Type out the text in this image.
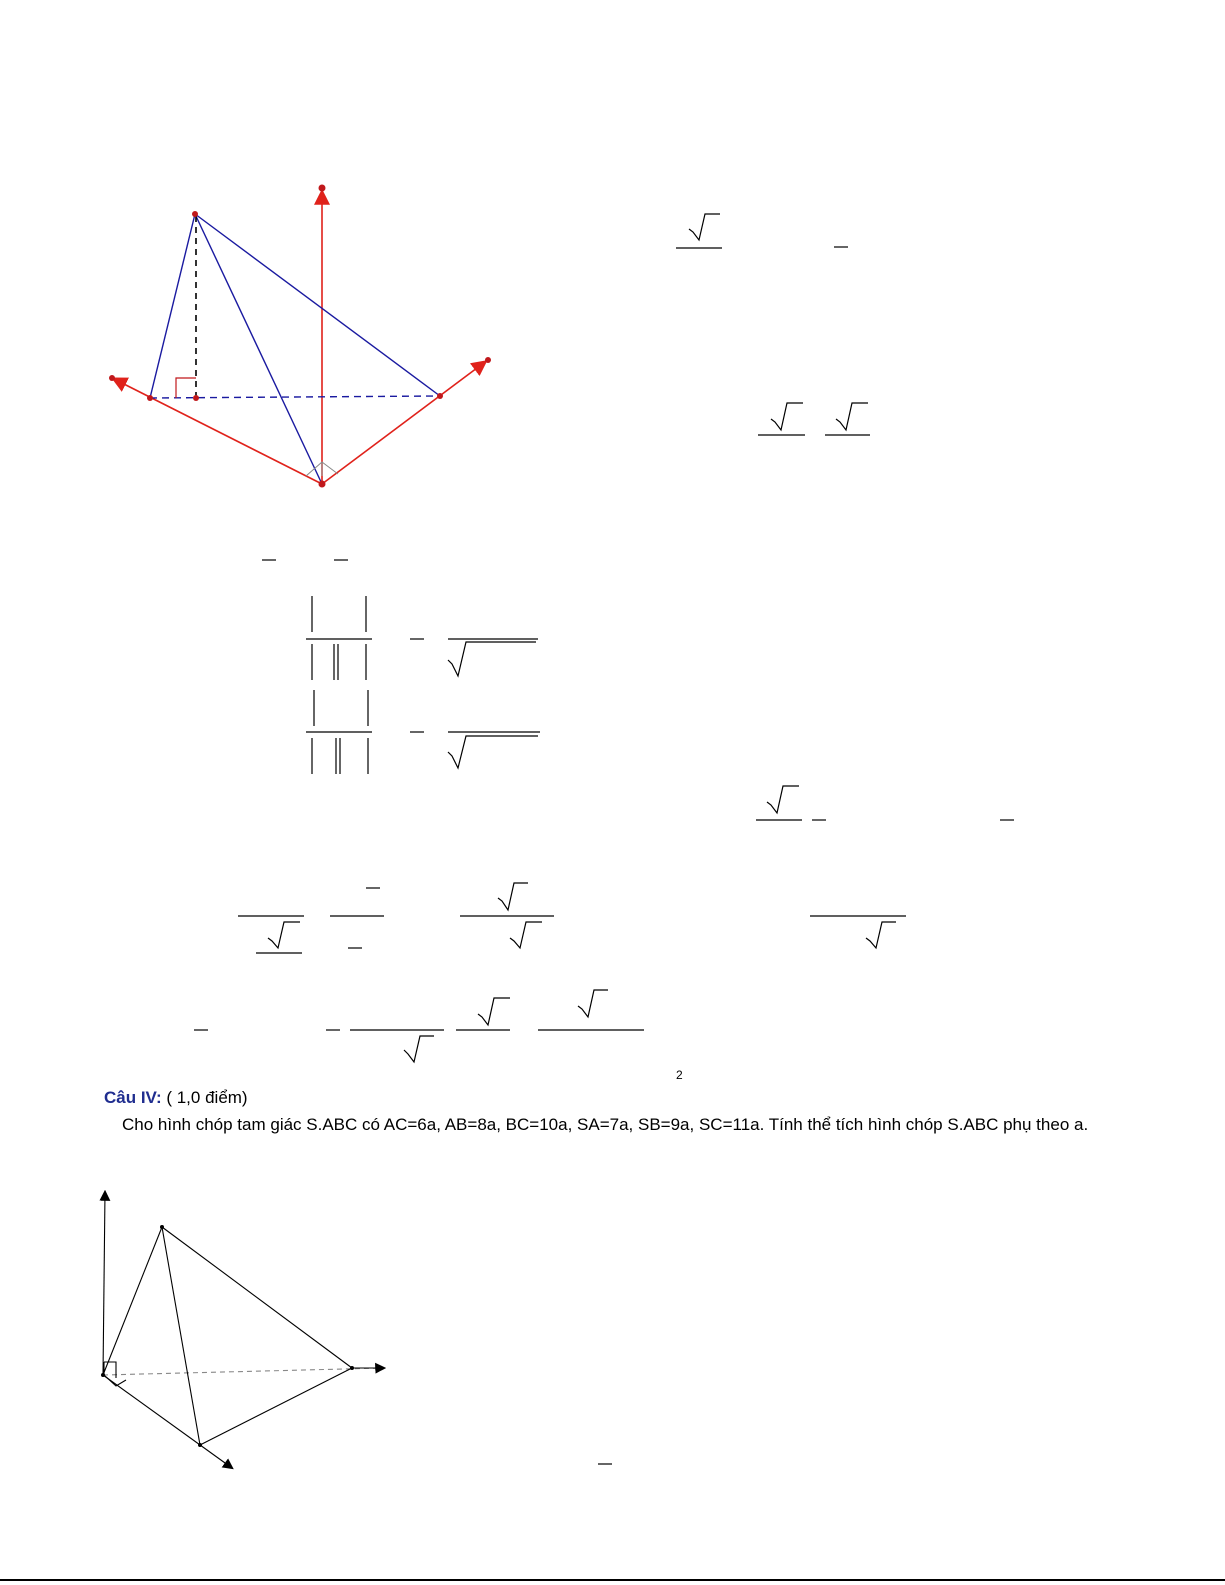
2
Câu IV: ( 1,0 điểm)

Cho hình chóp tam giác S.ABC có AC=6a, AB=8a, BC=10a, SA=7a, SB=9a, SC=11a. Tính thể tích hình chóp S.ABC phụ theo a.
